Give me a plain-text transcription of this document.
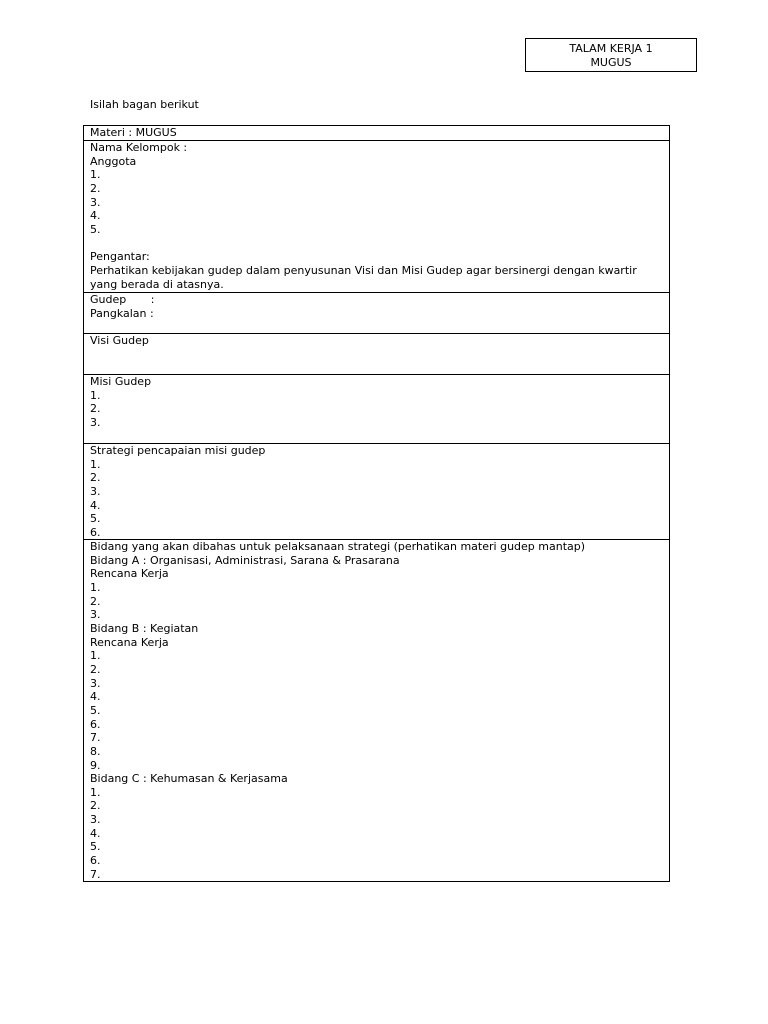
TALAM KERJA 1
MUGUS
Isilah bagan berikut
Materi : MUGUS
Nama Kelompok :
Anggota
1.
2.
3.
4.
5.
Pengantar:
Perhatikan kebijakan gudep dalam penyusunan Visi dan Misi Gudep agar bersinergi dengan kwartir yang berada di atasnya.
Gudep       :
Pangkalan :
Visi Gudep
Misi Gudep
1.
2.
3.
Strategi pencapaian misi gudep
1.
2.
3.
4.
5.
6.
Bidang yang akan dibahas untuk pelaksanaan strategi (perhatikan materi gudep mantap)
Bidang A : Organisasi, Administrasi, Sarana & Prasarana
Rencana Kerja
1.
2.
3.
Bidang B : Kegiatan
Rencana Kerja
1.
2.
3.
4.
5.
6.
7.
8.
9.
Bidang C : Kehumasan & Kerjasama
1.
2.
3.
4.
5.
6.
7.
